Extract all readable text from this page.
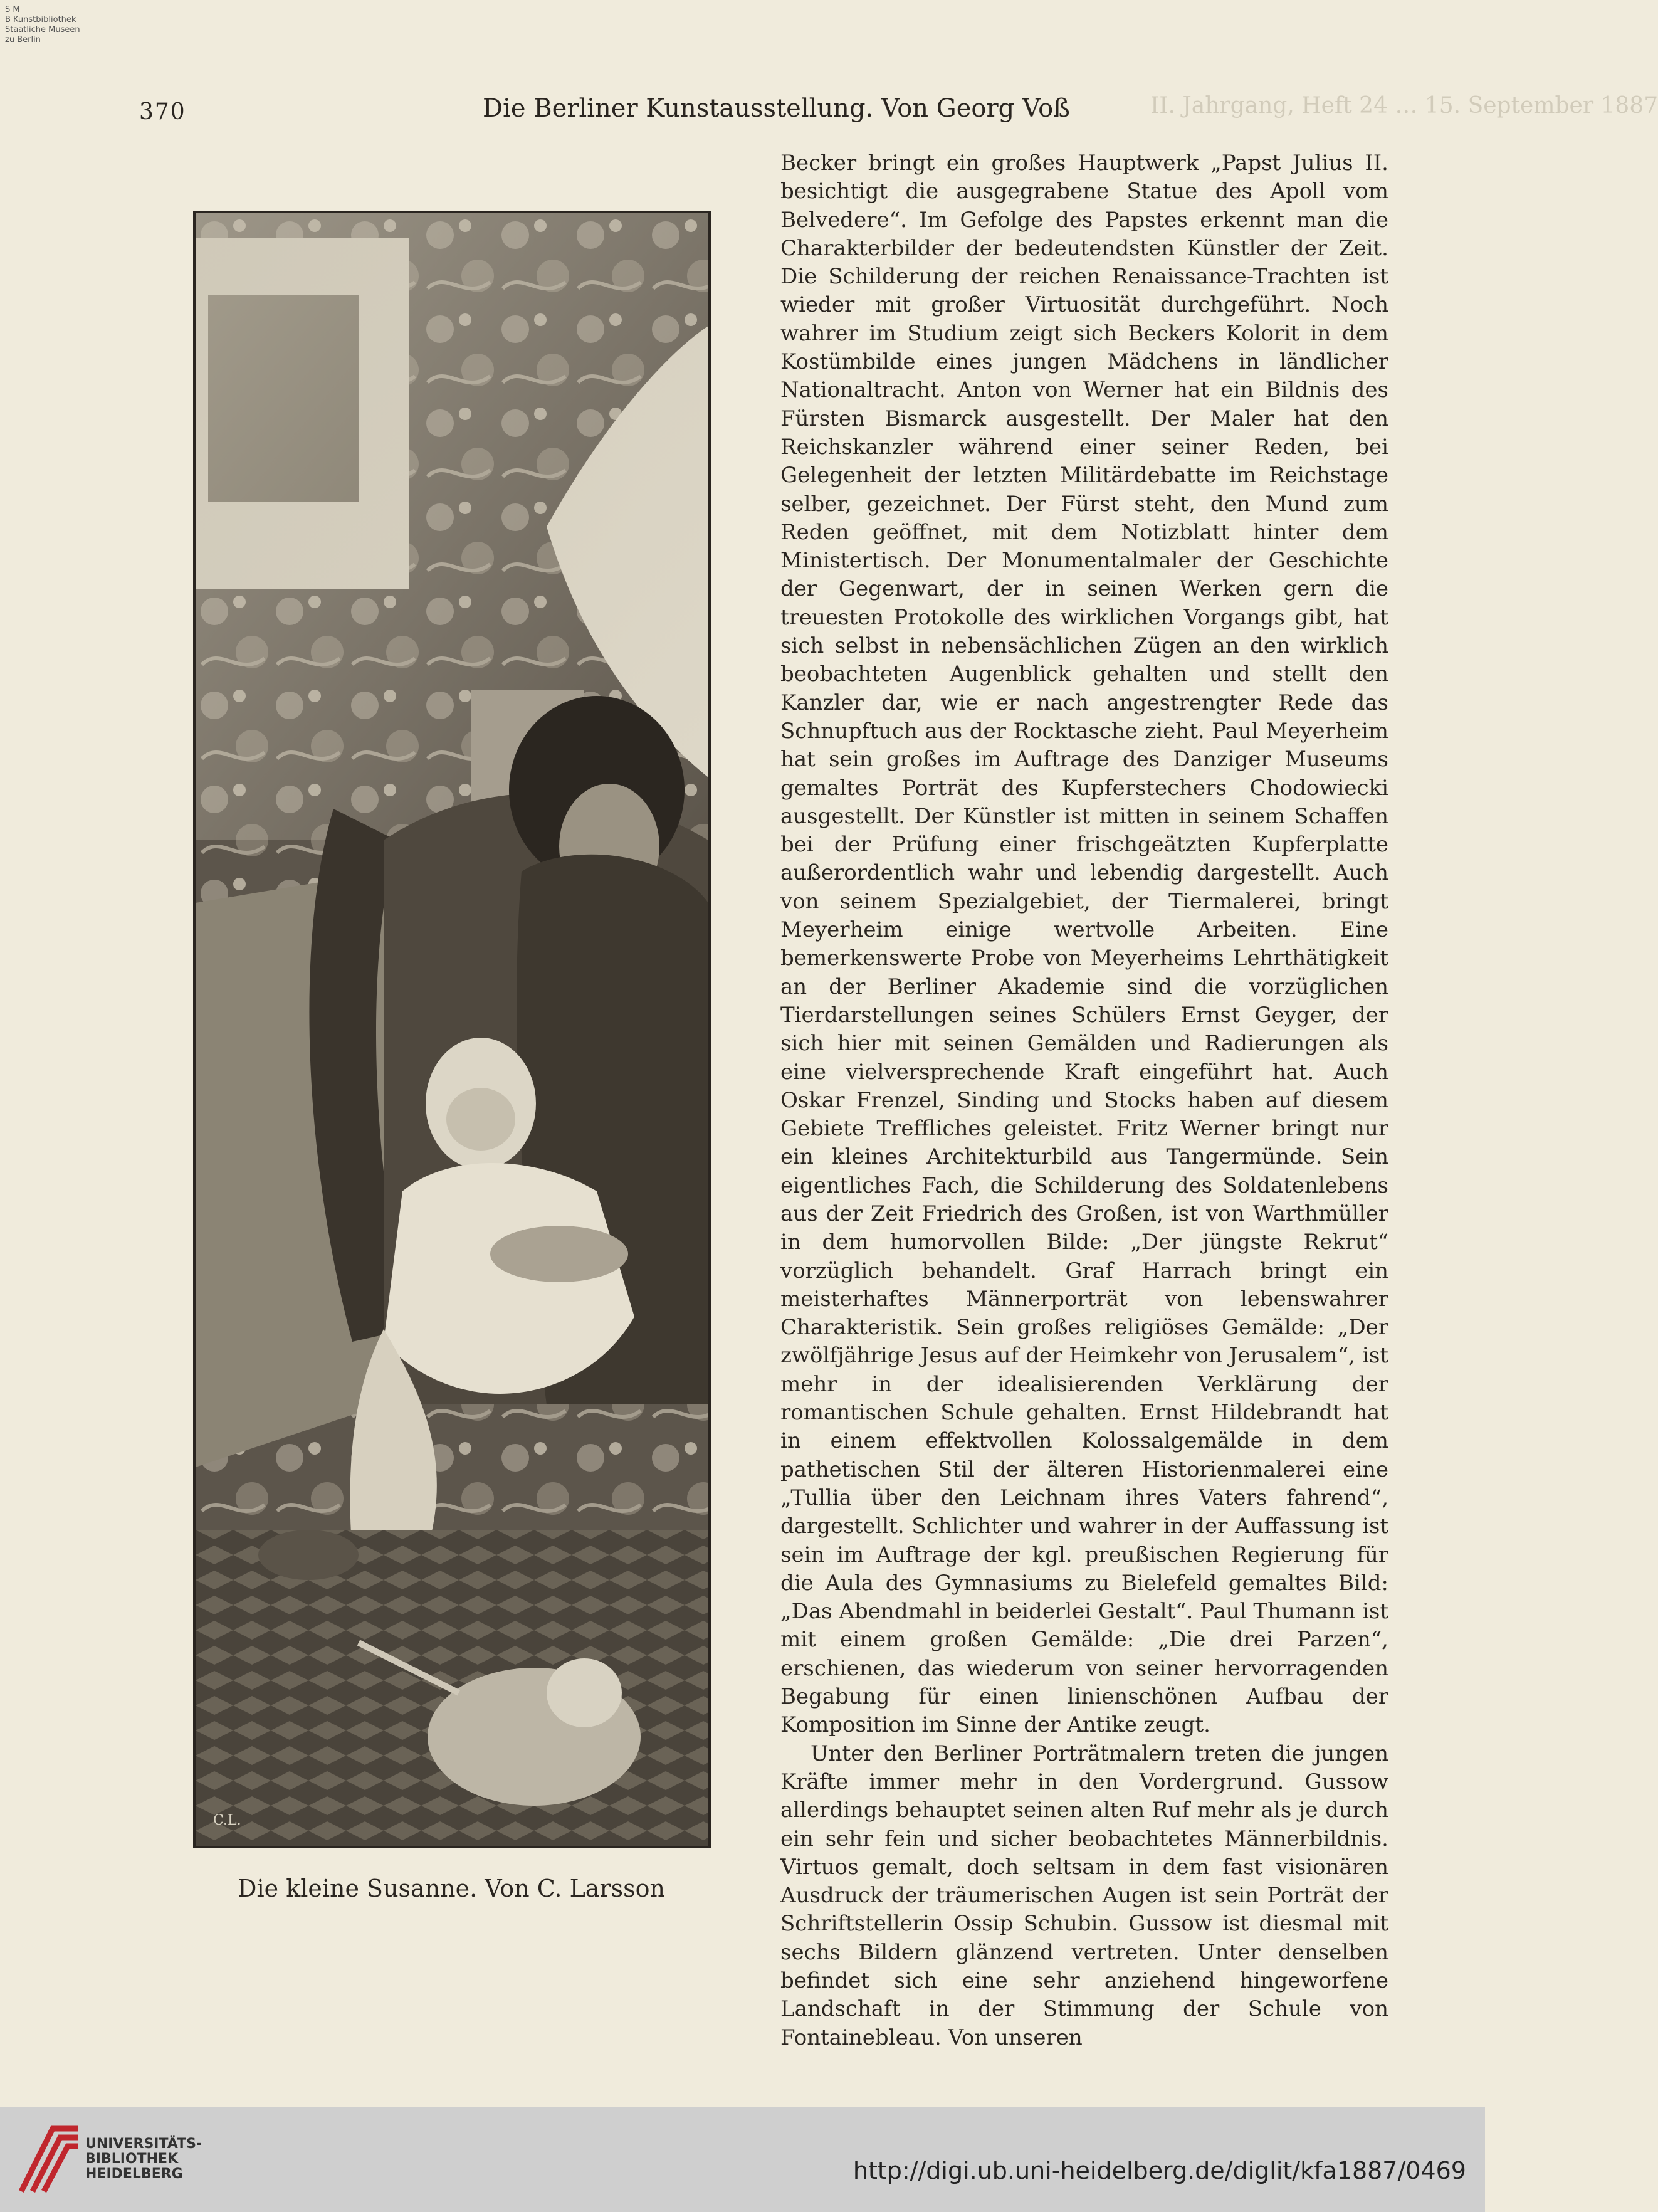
S M
B Kunstbibliothek
Staatliche Museen
zu Berlin
370	Die Berliner Kunstausstellung. Von Georg Voß	II. Jahrgang, Heft 24 … 15. September 1887
C.L.
Die kleine Susanne. Von C. Larsson

Becker bringt ein großes Hauptwerk „Papst Julius II. besichtigt die ausgegrabene Statue des Apoll vom Belvedere“. Im Gefolge des Papstes erkennt man die Charakterbilder der bedeutendsten Künstler der Zeit. Die Schilderung der reichen Renaissance-Trachten ist wieder mit großer Virtuosität durchgeführt. Noch wahrer im Studium zeigt sich Beckers Kolorit in dem Kostümbilde eines jungen Mädchens in ländlicher Nationaltracht. Anton von Werner hat ein Bildnis des Fürsten Bismarck ausgestellt. Der Maler hat den Reichskanzler während einer seiner Reden, bei Gelegenheit der letzten Militärdebatte im Reichstage selber, gezeichnet. Der Fürst steht, den Mund zum Reden geöffnet, mit dem Notizblatt hinter dem Ministertisch. Der Monumentalmaler der Geschichte der Gegenwart, der in seinen Werken gern die treuesten Protokolle des wirklichen Vorgangs gibt, hat sich selbst in nebensächlichen Zügen an den wirklich beobachteten Augenblick gehalten und stellt den Kanzler dar, wie er nach angestrengter Rede das Schnupftuch aus der Rocktasche zieht. Paul Meyerheim hat sein großes im Auftrage des Danziger Museums gemaltes Porträt des Kupferstechers Chodowiecki ausgestellt. Der Künstler ist mitten in seinem Schaffen bei der Prüfung einer frischgeätzten Kupferplatte außerordentlich wahr und lebendig dargestellt. Auch von seinem Spezialgebiet, der Tiermalerei, bringt Meyerheim einige wertvolle Arbeiten. Eine bemerkenswerte Probe von Meyerheims Lehrthätigkeit an der Berliner Akademie sind die vorzüglichen Tierdarstellungen seines Schülers Ernst Geyger, der sich hier mit seinen Gemälden und Radierungen als eine vielversprechende Kraft eingeführt hat. Auch Oskar Frenzel, Sinding und Stocks haben auf diesem Gebiete Treffliches geleistet. Fritz Werner bringt nur ein kleines Architekturbild aus Tangermünde. Sein eigentliches Fach, die Schilderung des Soldatenlebens aus der Zeit Friedrich des Großen, ist von Warthmüller in dem humorvollen Bilde: „Der jüngste Rekrut“ vorzüglich behandelt. Graf Harrach bringt ein meisterhaftes Männerporträt von lebenswahrer Charakteristik. Sein großes religiöses Gemälde: „Der zwölfjährige Jesus auf der Heimkehr von Jerusalem“, ist mehr in der idealisierenden Verklärung der romantischen Schule gehalten. Ernst Hildebrandt hat in einem effektvollen Kolossalgemälde in dem pathetischen Stil der älteren Historienmalerei eine „Tullia über den Leichnam ihres Vaters fahrend“, dargestellt. Schlichter und wahrer in der Auffassung ist sein im Auftrage der kgl. preußischen Regierung für die Aula des Gymnasiums zu Bielefeld gemaltes Bild: „Das Abendmahl in beiderlei Gestalt“. Paul Thumann ist mit einem großen Gemälde: „Die drei Parzen“, erschienen, das wiederum von seiner hervorragenden Begabung für einen linienschönen Aufbau der Komposition im Sinne der Antike zeugt.

Unter den Berliner Porträtmalern treten die jungen Kräfte immer mehr in den Vordergrund. Gussow allerdings behauptet seinen alten Ruf mehr als je durch ein sehr fein und sicher beobachtetes Männerbildnis. Virtuos gemalt, doch seltsam in dem fast visionären Ausdruck der träumerischen Augen ist sein Porträt der Schriftstellerin Ossip Schubin. Gussow ist diesmal mit sechs Bildern glänzend vertreten. Unter denselben befindet sich eine sehr anziehend hingeworfene Landschaft in der Stimmung der Schule von Fontainebleau. Von unseren

UNIVERSITÄTS-
BIBLIOTHEK
HEIDELBERG	http://digi.ub.uni-heidelberg.de/diglit/kfa1887/0469
